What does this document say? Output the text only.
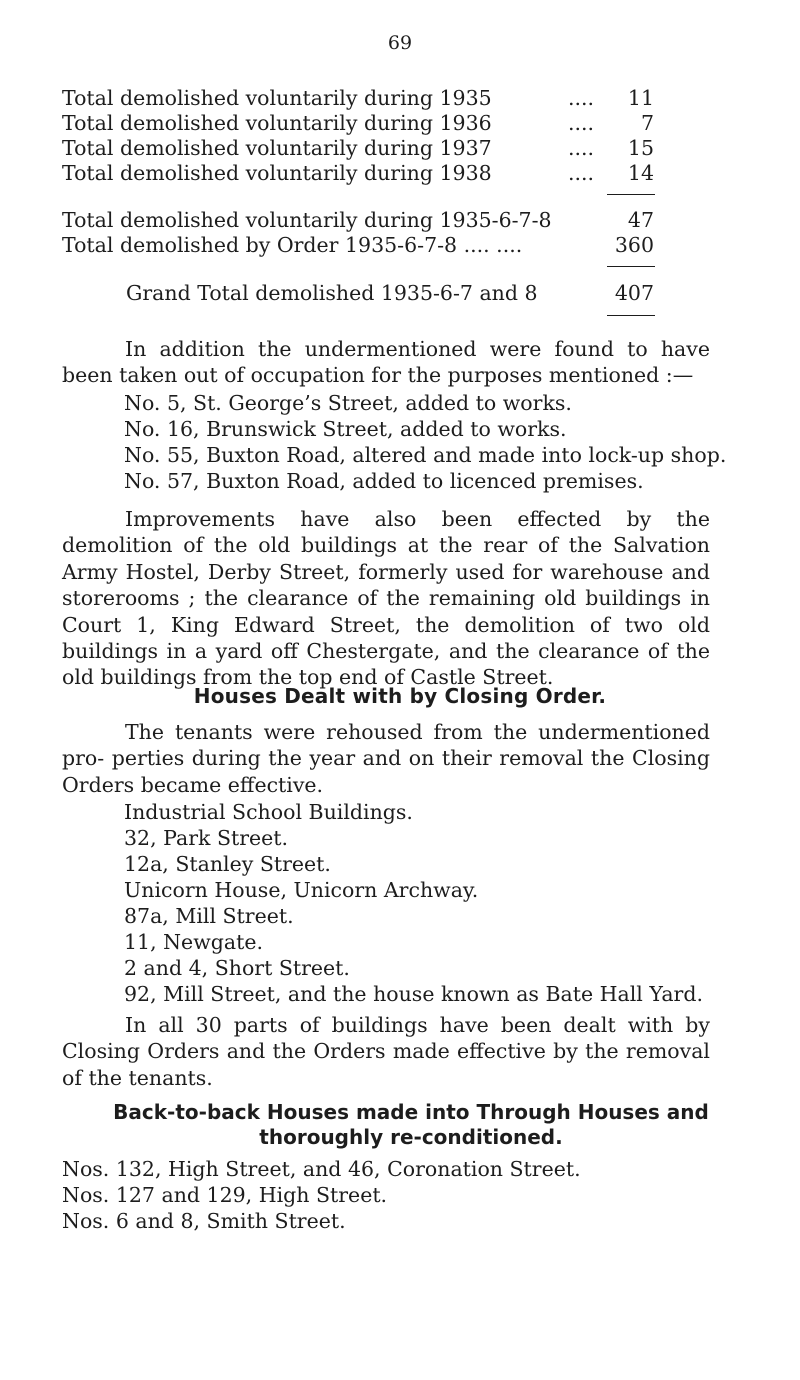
69
Total demolished voluntarily during 1935	.... 11
Total demolished voluntarily during 1936	.... 7
Total demolished voluntarily during 1937	.... 15
Total demolished voluntarily during 1938	.... 14
Total demolished voluntarily during 1935-6-7-8	47
Total demolished by Order 1935-6-7-8 .... ....	360
Grand Total demolished 1935-6-7 and 8	407
In addition the undermentioned were found to have been taken out of occupation for the purposes mentioned :—
No. 5, St. George’s Street, added to works.
No. 16, Brunswick Street, added to works.
No. 55, Buxton Road, altered and made into lock-up shop.
No. 57, Buxton Road, added to licenced premises.
Improvements have also been effected by the demolition of the old buildings at the rear of the Salvation Army Hostel, Derby Street, formerly used for warehouse and storerooms ; the clearance of the remaining old buildings in Court 1, King Edward Street, the demolition of two old buildings in a yard off Chestergate, and the clearance of the old buildings from the top end of Castle Street.
Houses Dealt with by Closing Order.
The tenants were rehoused from the undermentioned pro- perties during the year and on their removal the Closing Orders became effective.
Industrial School Buildings.
32, Park Street.
12a, Stanley Street.
Unicorn House, Unicorn Archway.
87a, Mill Street.
11, Newgate.
2 and 4, Short Street.
92, Mill Street, and the house known as Bate Hall Yard.
In all 30 parts of buildings have been dealt with by Closing Orders and the Orders made effective by the removal of the tenants.
Back-to-back Houses made into Through Houses and
thoroughly re-conditioned.
Nos. 132, High Street, and 46, Coronation Street.
Nos. 127 and 129, High Street.
Nos. 6 and 8, Smith Street.
